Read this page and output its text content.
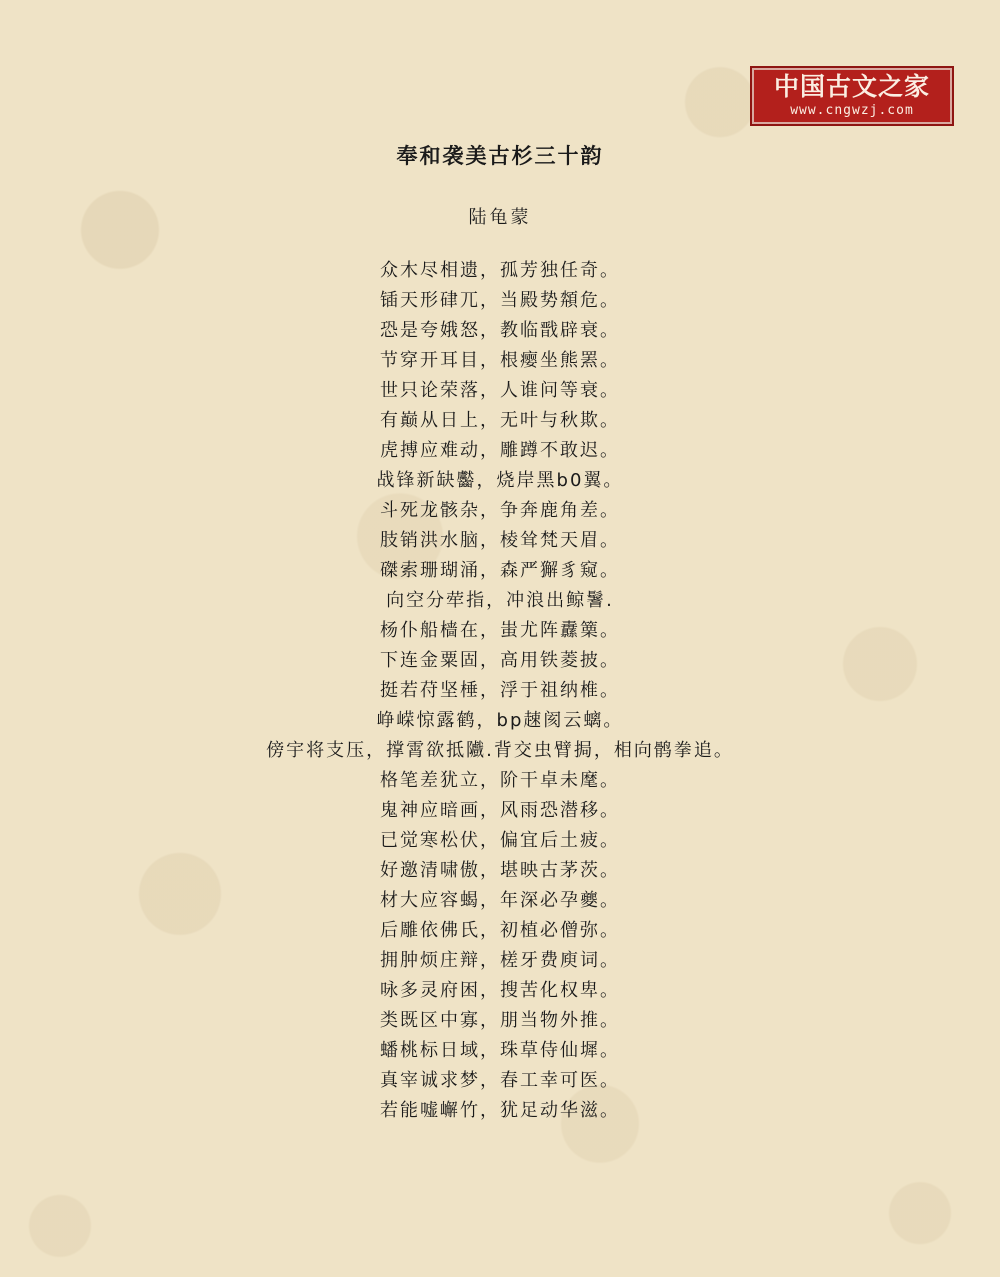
中国古文之家
www.cngwzj.com
奉和袭美古杉三十韵
陆龟蒙
众木尽相遗，孤芳独任奇。
锸天形硉兀，当殿势頮危。
恐是夸娥怒，教临戬辟衰。
节穿开耳目，根瘿坐熊罴。
世只论荣落，人谁问等衰。
有巅从日上，无叶与秋欺。
虎搏应难动，雕蹲不敢迟。
战锋新缺齾，烧岸黑b0翼。
斗死龙骸杂，争奔鹿角差。
肢销洪水脑，棱耸梵天眉。
磔索珊瑚涌，森严獬豸窥。
向空分荦指，冲浪出鲸鬐.
杨仆船樯在，蚩尤阵纛篥。
下连金粟固，高用铁菱披。
挺若苻坚棰，浮于祖纳椎。
峥嵘惊露鹤，bp趚阂云螭。
傍宇将支压，撑霄欲抵隵.背交虫臂挶，相向鹘拳追。
格笔差犹立，阶干卓未麾。
鬼神应暗画，风雨恐潜移。
已觉寒松伏，偏宜后土疲。
好邀清啸傲，堪映古茅茨。
材大应容蝎，年深必孕夔。
后雕依佛氏，初植必僧弥。
拥肿烦庄辩，槎牙费庾词。
咏多灵府困，搜苦化权卑。
类既区中寡，朋当物外推。
蟠桃标日域，珠草侍仙墀。
真宰诚求梦，春工幸可医。
若能嘘嶰竹，犹足动华滋。
